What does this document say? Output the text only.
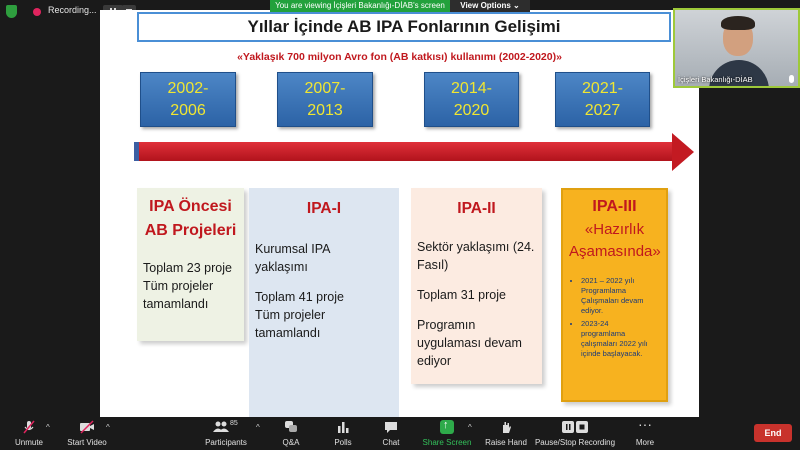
Recording...
Yıllar İçinde AB IPA Fonlarının Gelişimi
«Yaklaşık 700 milyon Avro fon (AB katkısı) kullanımı (2002-2020)»
2002-
2006
2007-
2013
2014-
2020
2021-
2027
IPA Öncesi
AB Projeleri
Toplam 23 proje
Tüm projeler
tamamlandı
IPA-I
Kurumsal IPA
yaklaşımı
Toplam 41 proje
Tüm projeler
tamamlandı
IPA-II
Sektör yaklaşımı (24.
Fasıl)
Toplam 31 proje
Programın
uygulaması devam
ediyor
IPA-III
«Hazırlık
Aşamasında»
• 2021 – 2022 yılı
Programlama
Çalışmaları devam
ediyor.
• 2023-24
programlama
çalışmaları 2022 yılı
içinde başlayacak.
You are viewing İçişleri Bakanlığı-DİAB's screen	View Options ⌄
İçişleri Bakanlığı-DİAB
Unmute
^
Start Video
^	85
Participants
^
Q&A	Polls	Chat
↑	Share Screen
^
Raise Hand Pause/Stop Recording
···
More
End
